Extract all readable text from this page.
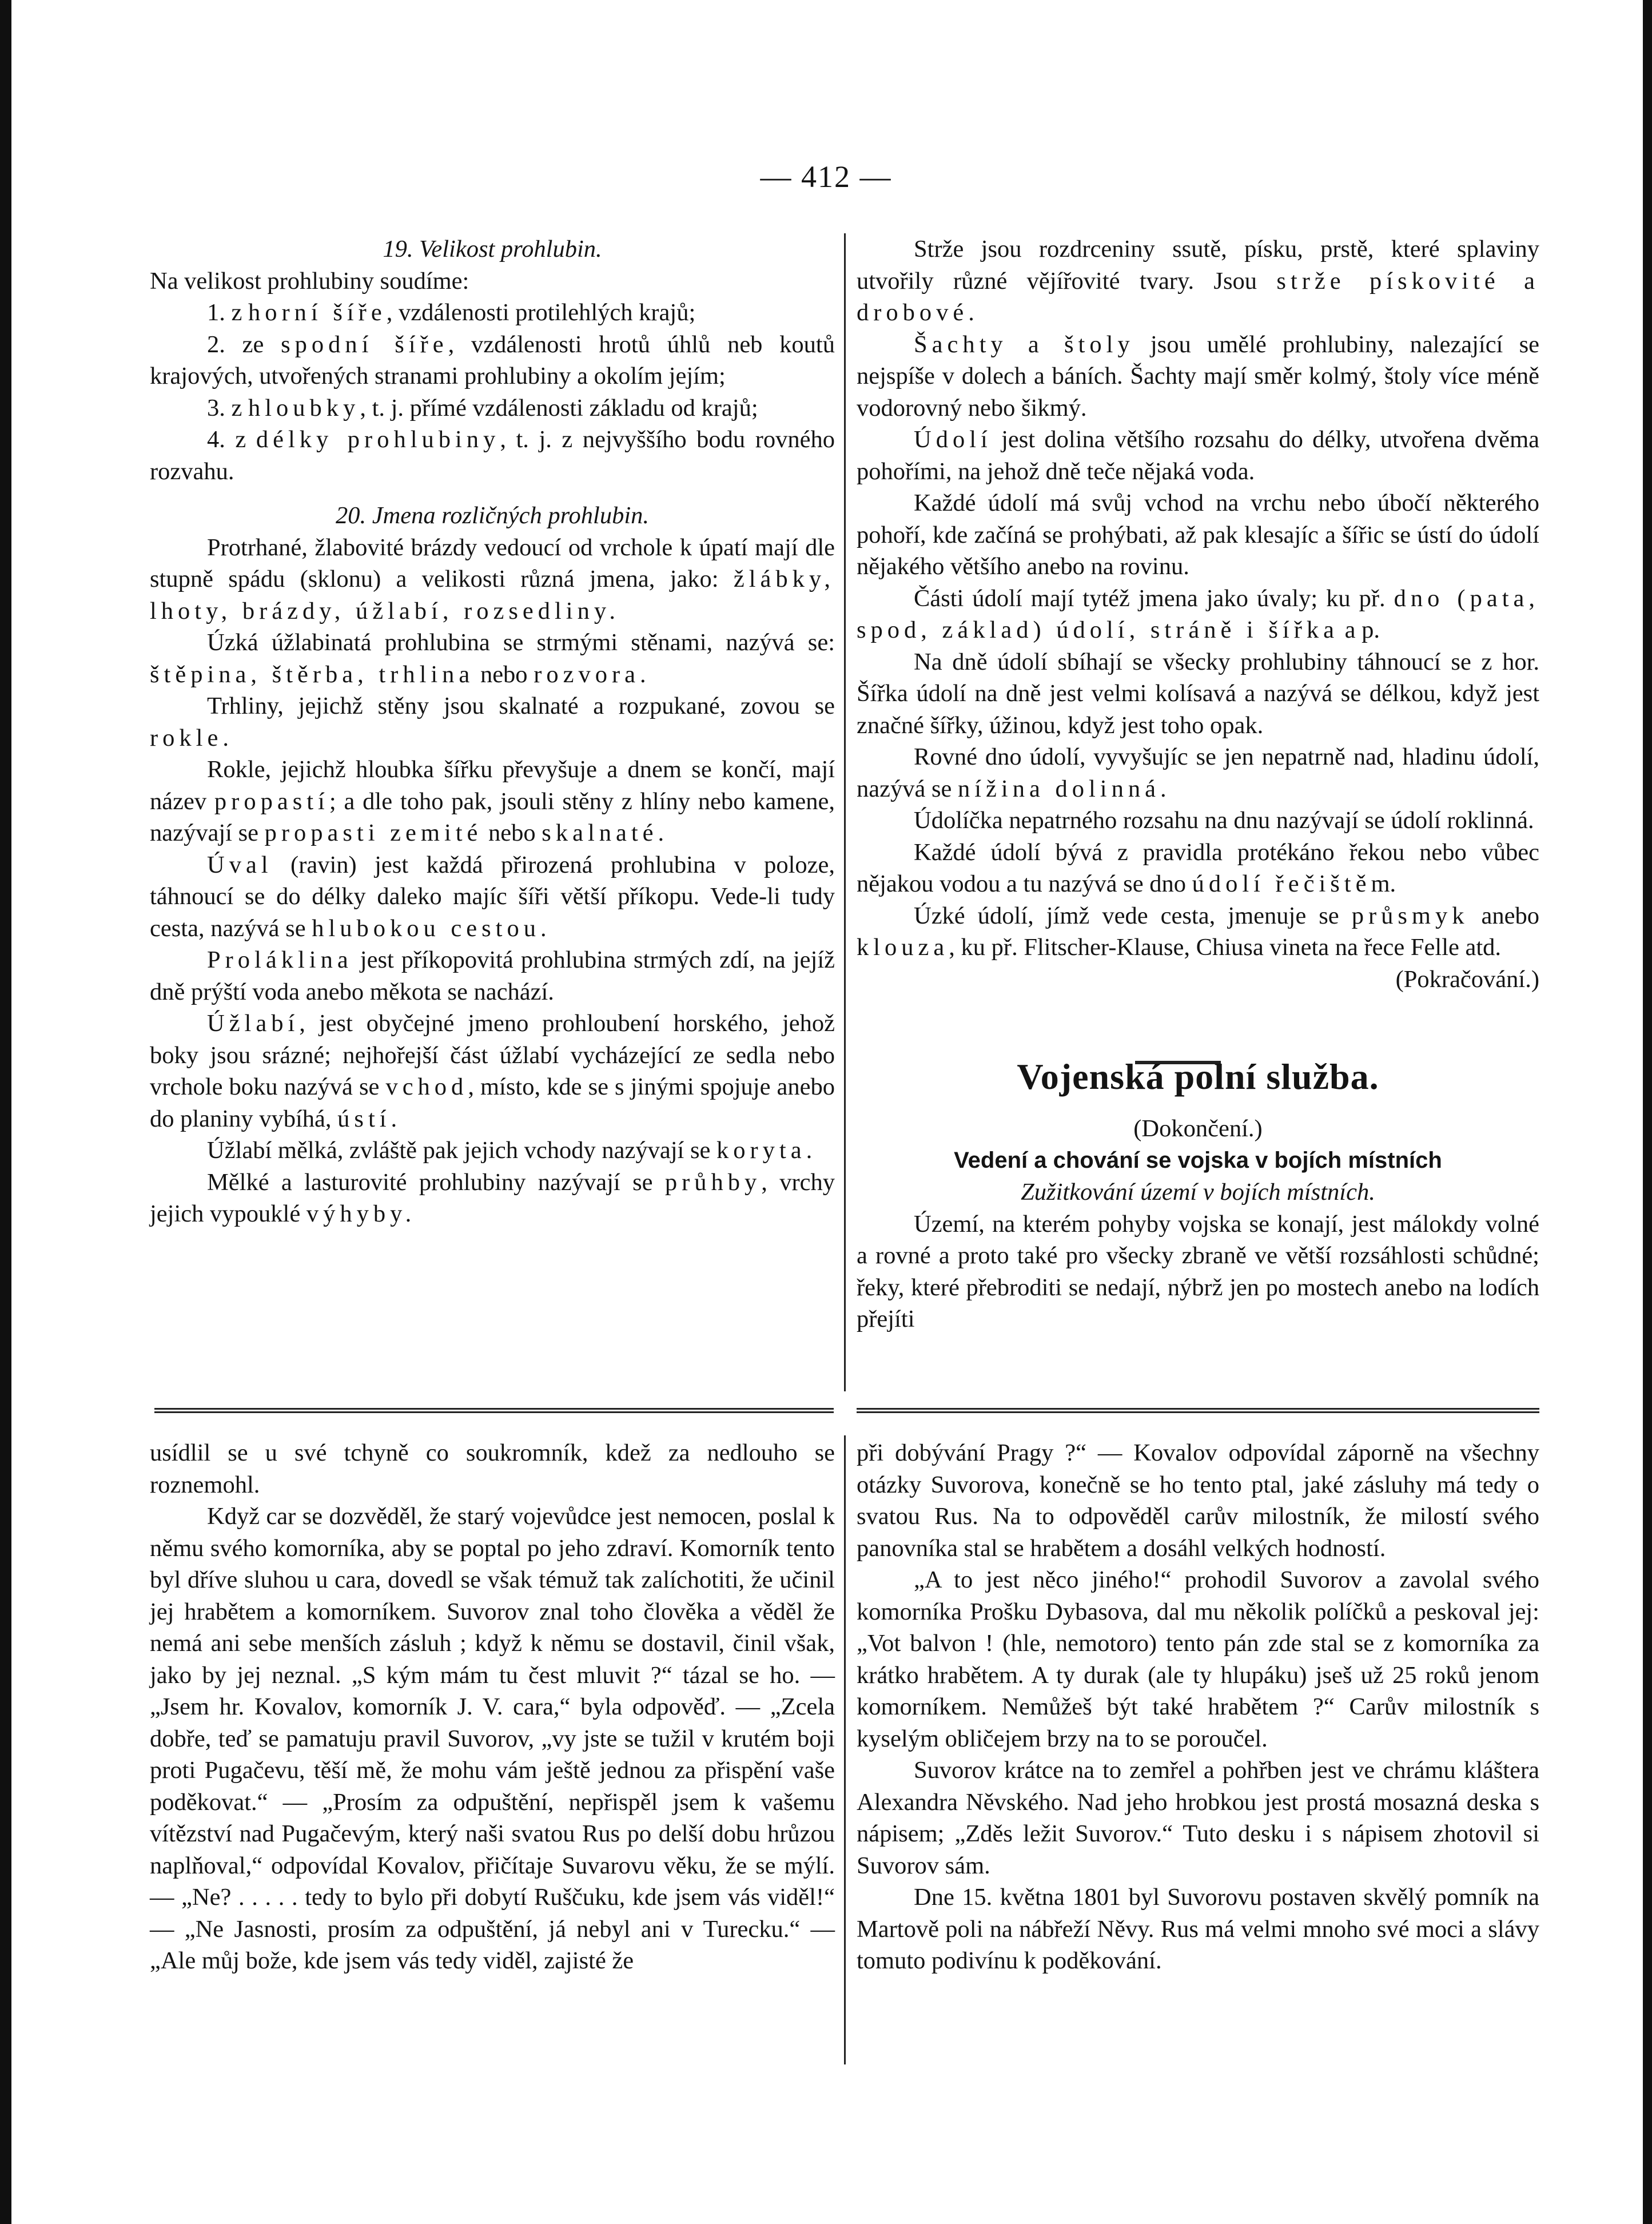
— 412 —

19. Velikost prohlubin.

Na velikost prohlubiny soudíme:

1. z horní šíře, vzdálenosti protilehlých krajů;

2. ze spodní šíře, vzdálenosti hrotů úhlů neb koutů krajových, utvořených stranami prohlubiny a okolím jejím;

3. z hloubky, t. j. přímé vzdálenosti základu od krajů;

4. z délky prohlubiny, t. j. z nejvyššího bodu rovného rozvahu.

20. Jmena rozličných prohlubin.

Protrhané, žlabovité brázdy vedoucí od vrchole k úpatí mají dle stupně spádu (sklonu) a velikosti různá jmena, jako: žlábky, lhoty, brázdy, úžlabí, rozsedliny.

Úzká úžlabinatá prohlubina se strmými stěnami, nazývá se: štěpina, štěrba, trhlina nebo rozvora.

Trhliny, jejichž stěny jsou skalnaté a rozpukané, zovou se rokle.

Rokle, jejichž hloubka šířku převyšuje a dnem se končí, mají název propastí; a dle toho pak, jsouli stěny z hlíny nebo kamene, nazývají se propasti zemité nebo skalnaté.

Úval (ravin) jest každá přirozená prohlubina v poloze, táhnoucí se do délky daleko majíc šíři větší příkopu. Vede-li tudy cesta, nazývá se hlubokou cestou.

Proláklina jest příkopovitá prohlubina strmých zdí, na jejíž dně prýští voda anebo měkota se nachází.

Úžlabí, jest obyčejné jmeno prohloubení horského, jehož boky jsou srázné; nejhořejší část úžlabí vycházející ze sedla nebo vrchole boku nazývá se vchod, místo, kde se s jinými spojuje anebo do planiny vybíhá, ústí.

Úžlabí mělká, zvláště pak jejich vchody nazývají se koryta.

Mělké a lasturovité prohlubiny nazývají se průhby, vrchy jejich vypouklé výhyby.

Strže jsou rozdrceniny ssutě, písku, prstě, které splaviny utvořily různé vějířovité tvary. Jsou strže pískovité a drobové.

Šachty a štoly jsou umělé prohlubiny, nalezající se nejspíše v dolech a báních. Šachty mají směr kolmý, štoly více méně vodorovný nebo šikmý.

Údolí jest dolina většího rozsahu do délky, utvořena dvěma pohořími, na jehož dně teče nějaká voda.

Každé údolí má svůj vchod na vrchu nebo úbočí některého pohoří, kde začíná se prohýbati, až pak klesajíc a šířic se ústí do údolí nějakého většího anebo na rovinu.

Části údolí mají tytéž jmena jako úvaly; ku př. dno (pata, spod, základ) údolí, stráně i šířka a p.

Na dně údolí sbíhají se všecky prohlubiny táhnoucí se z hor. Šířka údolí na dně jest velmi kolísavá a nazývá se délkou, když jest značné šířky, úžinou, když jest toho opak.

Rovné dno údolí, vyvyšujíc se jen nepatrně nad, hladinu údolí, nazývá se nížina dolinná.

Údolíčka nepatrného rozsahu na dnu nazývají se údolí roklinná.

Každé údolí bývá z pravidla protékáno řekou nebo vůbec nějakou vodou a tu nazývá se dno údolí řečištěm.

Úzké údolí, jímž vede cesta, jmenuje se průsmyk anebo klouza, ku př. Flitscher-Klause, Chiusa vineta na řece Felle atd.

(Pokračování.)

Vojenská polní služba.

(Dokončení.)

Vedení a chování se vojska v bojích místních

Zužitkování území v bojích místních.

Území, na kterém pohyby vojska se konají, jest málokdy volné a rovné a proto také pro všecky zbraně ve větší rozsáhlosti schůdné; řeky, které přebroditi se nedají, nýbrž jen po mostech anebo na lodích přejíti

usídlil se u své tchyně co soukromník, kdež za nedlouho se roznemohl.

Když car se dozvěděl, že starý vojevůdce jest nemocen, poslal k němu svého komorníka, aby se poptal po jeho zdraví. Komorník tento byl dříve sluhou u cara, dovedl se však témuž tak zalíchotiti, že učinil jej hrabětem a komorníkem. Suvorov znal toho člověka a věděl že nemá ani sebe menších zásluh ; když k němu se dostavil, činil však, jako by jej neznal. „S kým mám tu čest mluvit ?“ tázal se ho. — „Jsem hr. Kovalov, komorník J. V. cara,“ byla odpověď. — „Zcela dobře, teď se pamatuju pravil Suvorov, „vy jste se tužil v krutém boji proti Pugačevu, těší mě, že mohu vám ještě jednou za přispění vaše poděkovat.“ — „Prosím za odpuštění, nepřispěl jsem k vašemu vítězství nad Pugačevým, který naši svatou Rus po delší dobu hrůzou naplňoval,“ odpovídal Kovalov, přičítaje Suvarovu věku, že se mýlí. — „Ne? . . . . . tedy to bylo při dobytí Ruščuku, kde jsem vás viděl!“ — „Ne Jasnosti, prosím za odpuštění, já nebyl ani v Turecku.“ — „Ale můj bože, kde jsem vás tedy viděl, zajisté že

při dobývání Pragy ?“ — Kovalov odpovídal záporně na všechny otázky Suvorova, konečně se ho tento ptal, jaké zásluhy má tedy o svatou Rus. Na to odpověděl carův milostník, že milostí svého panovníka stal se hrabětem a dosáhl velkých hodností.

„A to jest něco jiného!“ prohodil Suvorov a zavolal svého komorníka Prošku Dybasova, dal mu několik políčků a peskoval jej: „Vot balvon ! (hle, nemotoro) tento pán zde stal se z komorníka za krátko hrabětem. A ty durak (ale ty hlupáku) jseš už 25 roků jenom komorníkem. Nemůžeš být také hrabětem ?“ Carův milostník s kyselým obličejem brzy na to se poroučel.

Suvorov krátce na to zemřel a pohřben jest ve chrámu kláštera Alexandra Něvského. Nad jeho hrobkou jest prostá mosazná deska s nápisem; „Zděs ležit Suvorov.“ Tuto desku i s nápisem zhotovil si Suvorov sám.

Dne 15. května 1801 byl Suvorovu postaven skvělý pomník na Martově poli na nábřeží Něvy. Rus má velmi mnoho své moci a slávy tomuto podivínu k poděkování.
